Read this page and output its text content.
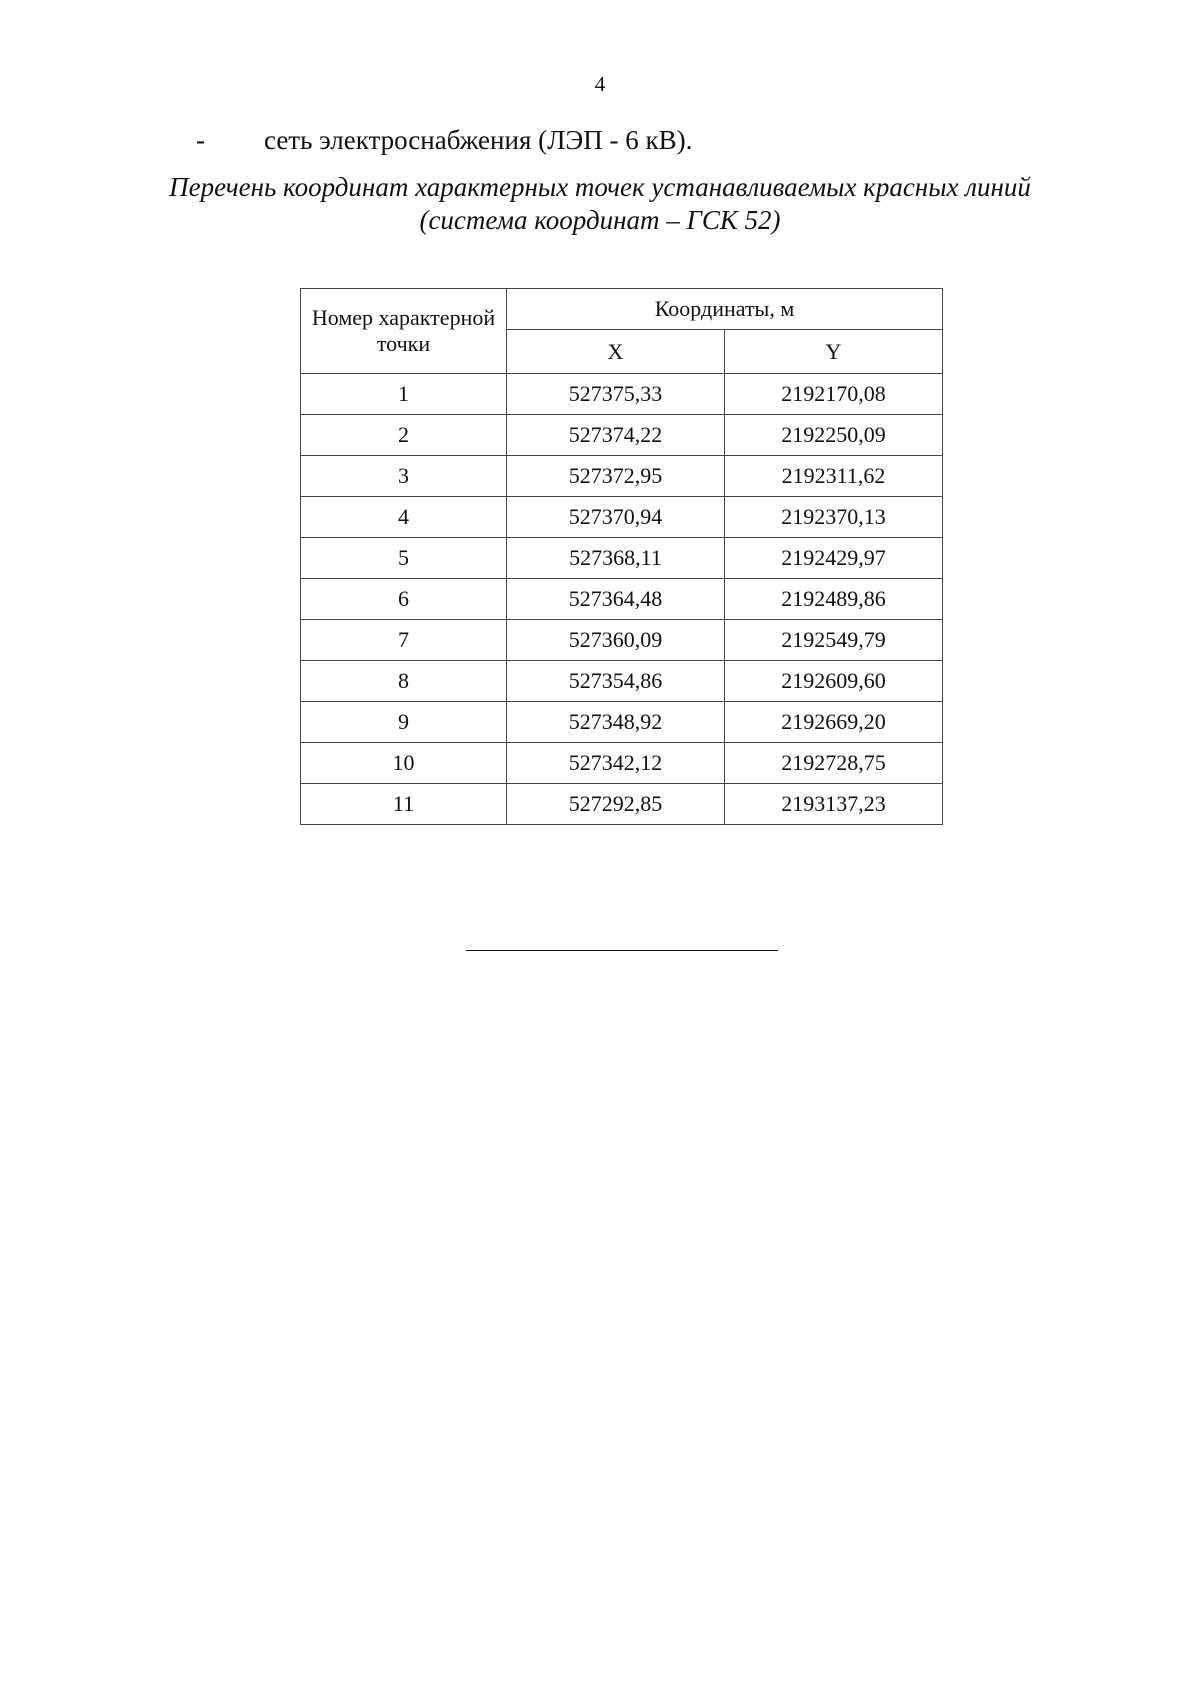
4
- сеть электроснабжения (ЛЭП - 6 кВ).
Перечень координат характерных точек устанавливаемых красных линий
(система координат – ГСК 52)
Номер характерной точки	Координаты, м	
	X	Y
1	527375,33	2192170,08
2	527374,22	2192250,09
3	527372,95	2192311,62
4	527370,94	2192370,13
5	527368,11	2192429,97
6	527364,48	2192489,86
7	527360,09	2192549,79
8	527354,86	2192609,60
9	527348,92	2192669,20
10	527342,12	2192728,75
11	527292,85	2193137,23
